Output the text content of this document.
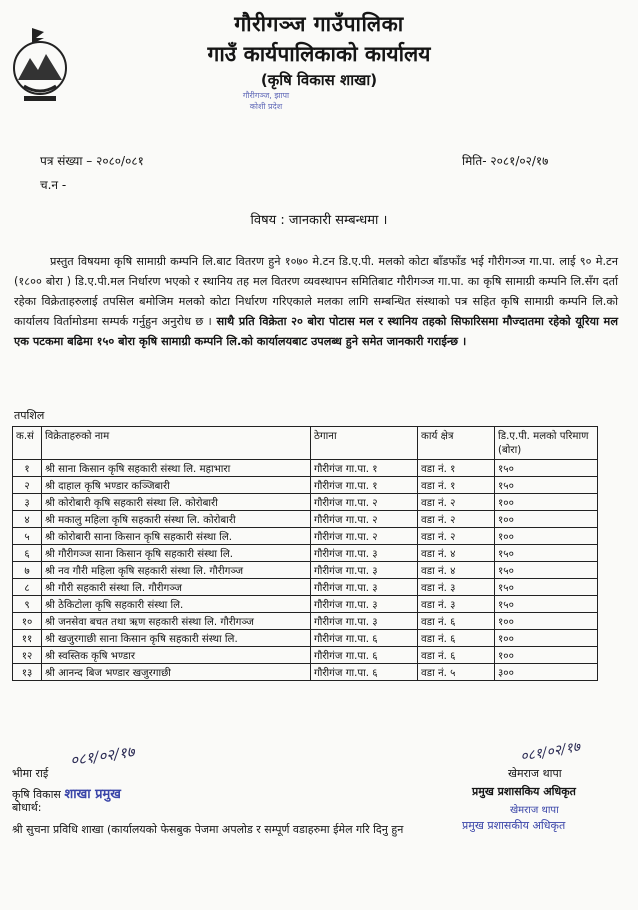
गौरीगञ्ज गाउँपालिका
गाउँ कार्यपालिकाको कार्यालय
(कृषि विकास शाखा)
गौरीगञ्ज, झापा
कोशी प्रदेश
पत्र संख्या – २०८०/०८१
च.न -
मिति- २०८१/०२/१७
विषय : जानकारी सम्बन्धमा ।
प्रस्तुत विषयमा कृषि सामाग्री कम्पनि लि.बाट वितरण हुने १०७० मे.टन डि.ए.पी. मलको कोटा बाँडफाँड भई गौरीगञ्ज गा.पा. लाई ९० मे.टन (१८०० बोरा ) डि.ए.पी.मल निर्धारण भएको र स्थानिय तह मल वितरण व्यवस्थापन समितिबाट गौरीगञ्ज गा.पा. का कृषि सामाग्री कम्पनि लि.सँग दर्ता रहेका विक्रेताहरुलाई तपसिल बमोजिम मलको कोटा निर्धारण गरिएकाले मलका लागि सम्बन्धित संस्थाको पत्र सहित कृषि सामाग्री कम्पनि लि.को कार्यालय विर्तामोडमा सम्पर्क गर्नुहुन अनुरोध छ । साथै प्रति विक्रेता २० बोरा पोटास मल र स्थानिय तहको सिफारिसमा मौज्दातमा रहेको यूरिया मल एक पटकमा बढिमा १५० बोरा कृषि सामाग्री कम्पनि लि.को कार्यालयबाट उपलब्ध हुने समेत जानकारी गराईन्छ ।
तपशिल
क.सं	विक्रेताहरुको नाम	ठेगाना	कार्य क्षेत्र	डि.ए.पी. मलको परिमाण (बोरा)
१	श्री साना किसान कृषि सहकारी संस्था लि. महाभारा	गौरीगंज गा.पा. १	वडा नं. १	१५०
२	श्री दाहाल कृषि भण्डार कञ्जिबारी	गौरीगंज गा.पा. १	वडा नं. १	१५०
३	श्री कोरोबारी कृषि सहकारी संस्था लि. कोरोबारी	गौरीगंज गा.पा. २	वडा नं. २	१००
४	श्री मकालु महिला कृषि सहकारी संस्था लि. कोरोबारी	गौरीगंज गा.पा. २	वडा नं. २	१००
५	श्री कोरोबारी साना किसान कृषि सहकारी संस्था लि.	गौरीगंज गा.पा. २	वडा नं. २	१००
६	श्री गौरीगञ्ज साना किसान कृषि सहकारी संस्था लि.	गौरीगंज गा.पा. ३	वडा नं. ४	१५०
७	श्री नव गौरी महिला कृषि सहकारी संस्था लि. गौरीगञ्ज	गौरीगंज गा.पा. ३	वडा नं. ४	१५०
८	श्री गौरी सहकारी संस्था लि. गौरीगञ्ज	गौरीगंज गा.पा. ३	वडा नं. ३	१५०
९	श्री ठेकिटोला कृषि सहकारी संस्था लि.	गौरीगंज गा.पा. ३	वडा नं. ३	१५०
१०	श्री जनसेवा बचत तथा ऋण सहकारी संस्था लि. गौरीगञ्ज	गौरीगंज गा.पा. ३	वडा नं. ६	१००
११	श्री खजुरगाछी साना किसान कृषि सहकारी संस्था लि.	गौरीगंज गा.पा. ६	वडा नं. ६	१००
१२	श्री स्वस्तिक कृषि भण्डार	गौरीगंज गा.पा. ६	वडा नं. ६	१००
१३	श्री आनन्द बिज भण्डार खजुरगाछी	गौरीगंज गा.पा. ६	वडा नं. ५	३००
०८१/०२/१७
भीमा राई
कृषि विकास शाखा प्रमुख
०८१/०२/१७
खेमराज थापा
प्रमुख प्रशासकिय अधिकृत
खेमराज थापा
बोधार्थ:
श्री सुचना प्रविधि शाखा (कार्यालयको फेसबुक पेजमा अपलोड र सम्पूर्ण वडाहरुमा ईमेल गरि दिनु हुन	प्रमुख प्रशासकीय अधिकृत
